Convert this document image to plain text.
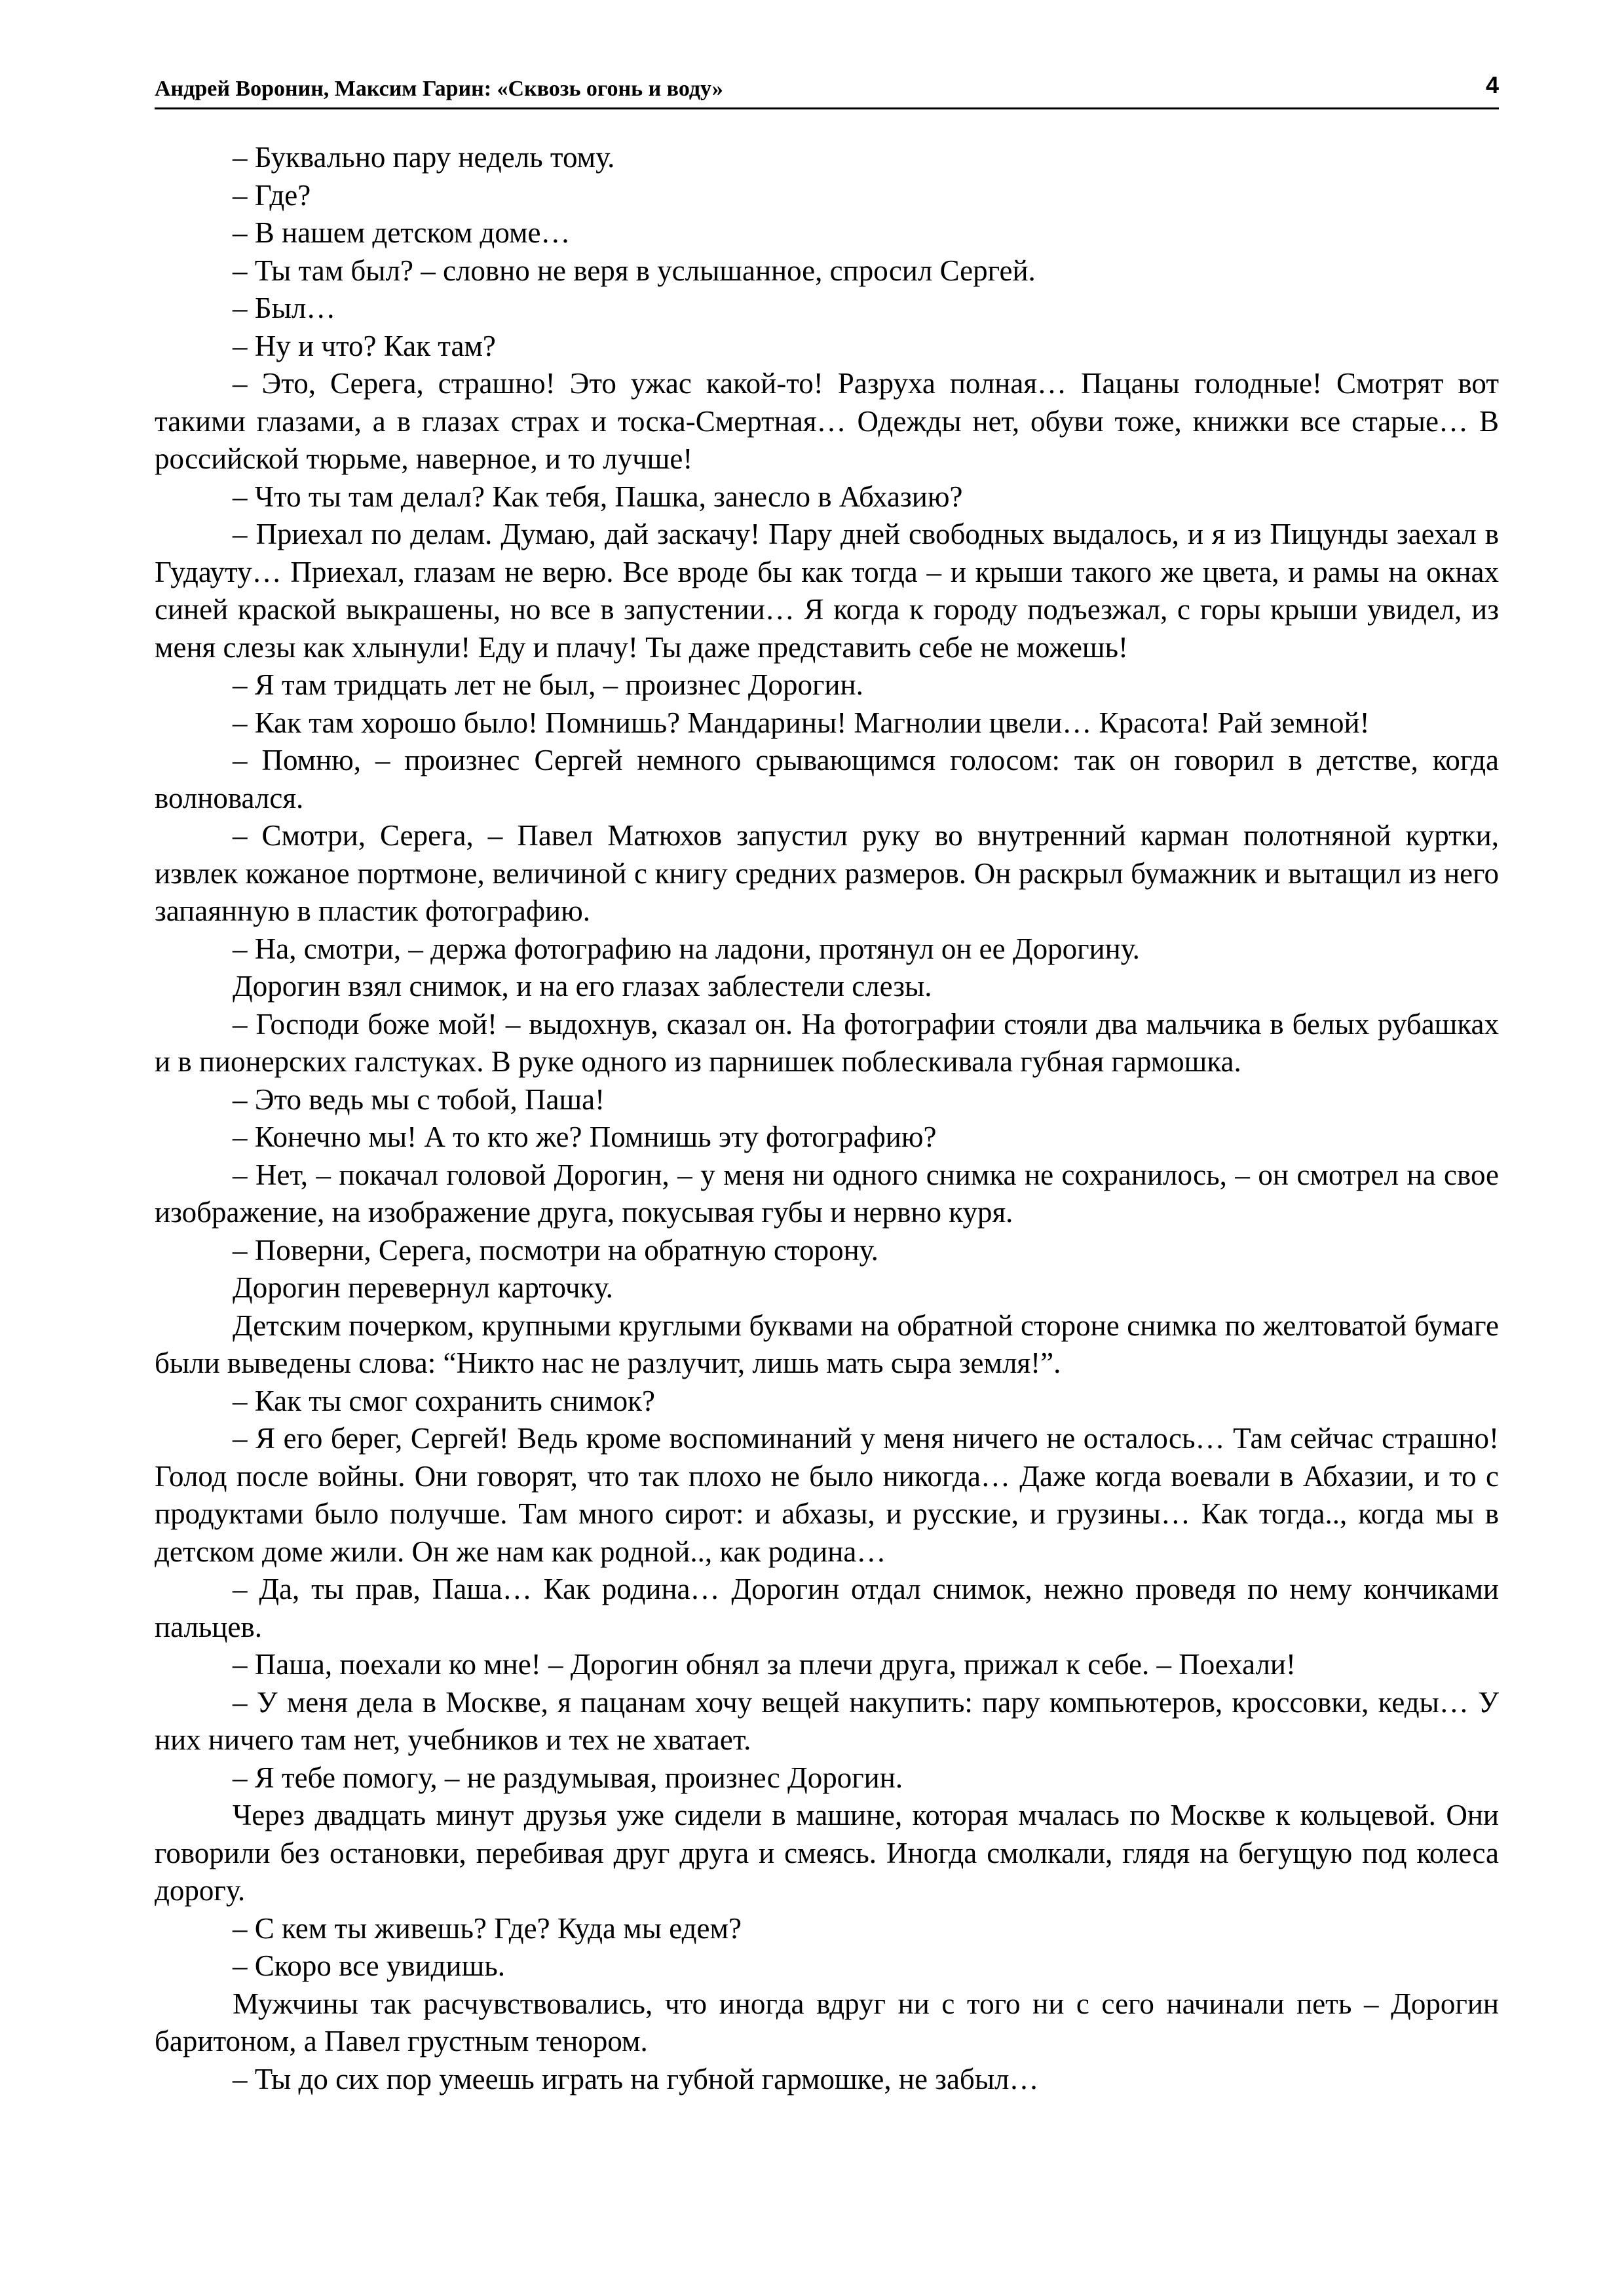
Андрей Воронин, Максим Гарин: «Сквозь огонь и воду»	4

– Буквально пару недель тому.

– Где?

– В нашем детском доме…

– Ты там был? – словно не веря в услышанное, спросил Сергей.

– Был…

– Ну и что? Как там?

– Это, Серега, страшно! Это ужас какой-то! Разруха полная… Пацаны голодные! Смотрят вот такими глазами, а в глазах страх и тоска-Смертная… Одежды нет, обуви тоже, книжки все старые… В российской тюрьме, наверное, и то лучше!

– Что ты там делал? Как тебя, Пашка, занесло в Абхазию?

– Приехал по делам. Думаю, дай заскачу! Пару дней свободных выдалось, и я из Пицунды заехал в Гудауту… Приехал, глазам не верю. Все вроде бы как тогда – и крыши такого же цвета, и рамы на окнах синей краской выкрашены, но все в запустении… Я когда к городу подъезжал, с горы крыши увидел, из меня слезы как хлынули! Еду и плачу! Ты даже представить себе не можешь!

– Я там тридцать лет не был, – произнес Дорогин.

– Как там хорошо было! Помнишь? Мандарины! Магнолии цвели… Красота! Рай земной!

– Помню, – произнес Сергей немного срывающимся голосом: так он говорил в детстве, когда волновался.

– Смотри, Серега, – Павел Матюхов запустил руку во внутренний карман полотняной куртки, извлек кожаное портмоне, величиной с книгу средних размеров. Он раскрыл бумажник и вытащил из него запаянную в пластик фотографию.

– На, смотри, – держа фотографию на ладони, протянул он ее Дорогину.

Дорогин взял снимок, и на его глазах заблестели слезы.

– Господи боже мой! – выдохнув, сказал он. На фотографии стояли два мальчика в белых рубашках и в пионерских галстуках. В руке одного из парнишек поблескивала губная гармошка.

– Это ведь мы с тобой, Паша!

– Конечно мы! А то кто же? Помнишь эту фотографию?

– Нет, – покачал головой Дорогин, – у меня ни одного снимка не сохранилось, – он смотрел на свое изображение, на изображение друга, покусывая губы и нервно куря.

– Поверни, Серега, посмотри на обратную сторону.

Дорогин перевернул карточку.

Детским почерком, крупными круглыми буквами на обратной стороне снимка по желтоватой бумаге были выведены слова: “Никто нас не разлучит, лишь мать сыра земля!”.

– Как ты смог сохранить снимок?

– Я его берег, Сергей! Ведь кроме воспоминаний у меня ничего не осталось… Там сейчас страшно! Голод после войны. Они говорят, что так плохо не было никогда… Даже когда воевали в Абхазии, и то с продуктами было получше. Там много сирот: и абхазы, и русские, и грузины… Как тогда.., когда мы в детском доме жили. Он же нам как родной.., как родина…

– Да, ты прав, Паша… Как родина… Дорогин отдал снимок, нежно проведя по нему кончиками пальцев.

– Паша, поехали ко мне! – Дорогин обнял за плечи друга, прижал к себе. – Поехали!

– У меня дела в Москве, я пацанам хочу вещей накупить: пару компьютеров, кроссовки, кеды… У них ничего там нет, учебников и тех не хватает.

– Я тебе помогу, – не раздумывая, произнес Дорогин.

Через двадцать минут друзья уже сидели в машине, которая мчалась по Москве к кольцевой. Они говорили без остановки, перебивая друг друга и смеясь. Иногда смолкали, глядя на бегущую под колеса дорогу.

– С кем ты живешь? Где? Куда мы едем?

– Скоро все увидишь.

Мужчины так расчувствовались, что иногда вдруг ни с того ни с сего начинали петь – Дорогин баритоном, а Павел грустным тенором.

– Ты до сих пор умеешь играть на губной гармошке, не забыл…
